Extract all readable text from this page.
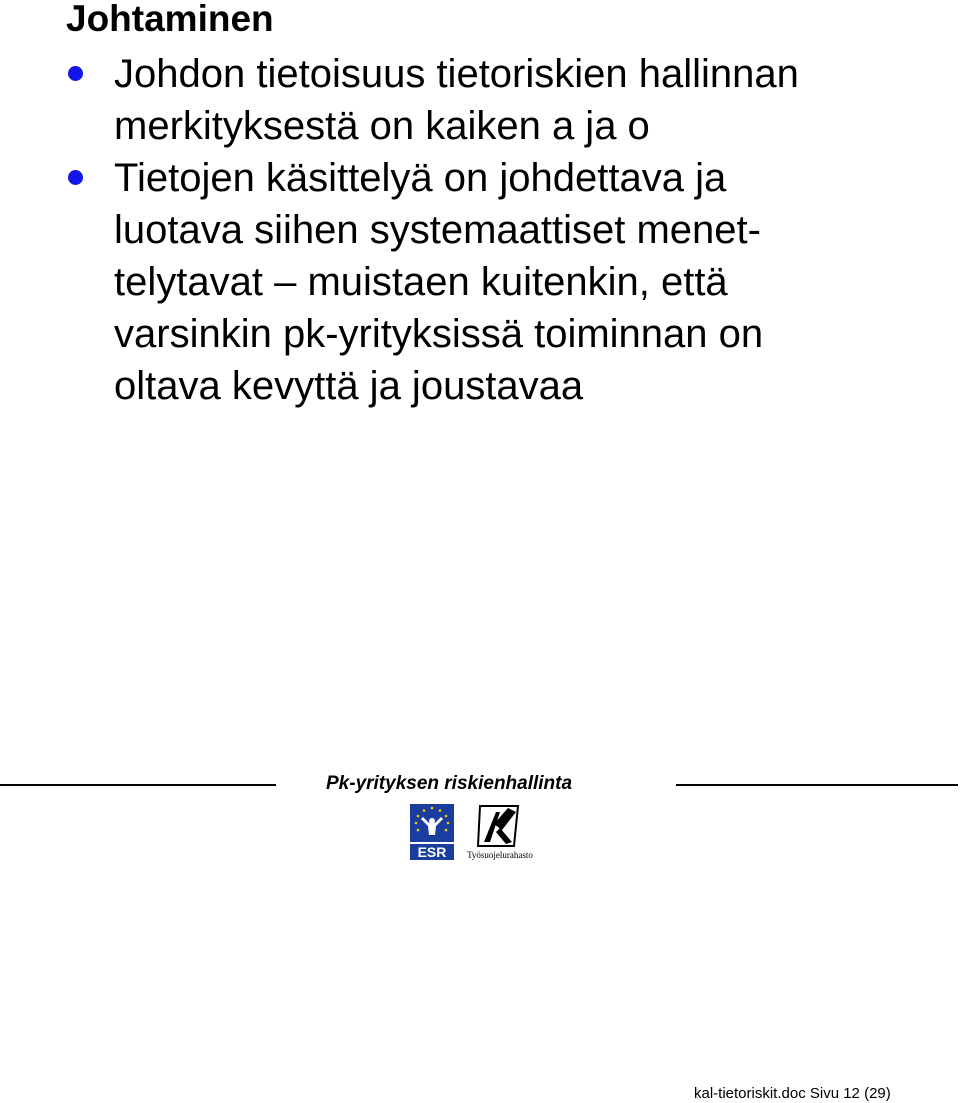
Johtaminen
Johdon tietoisuus tietoriskien hallinnan
merkityksestä on kaiken a ja o
Tietojen käsittelyä on johdettava ja
luotava siihen systemaattiset menet-
telytavat – muistaen kuitenkin, että
varsinkin pk-yrityksissä toiminnan on
oltava kevyttä ja joustavaa
Pk-yrityksen riskienhallinta
ESR Työsuojelurahasto
kal-tietoriskit.doc Sivu 12 (29)
